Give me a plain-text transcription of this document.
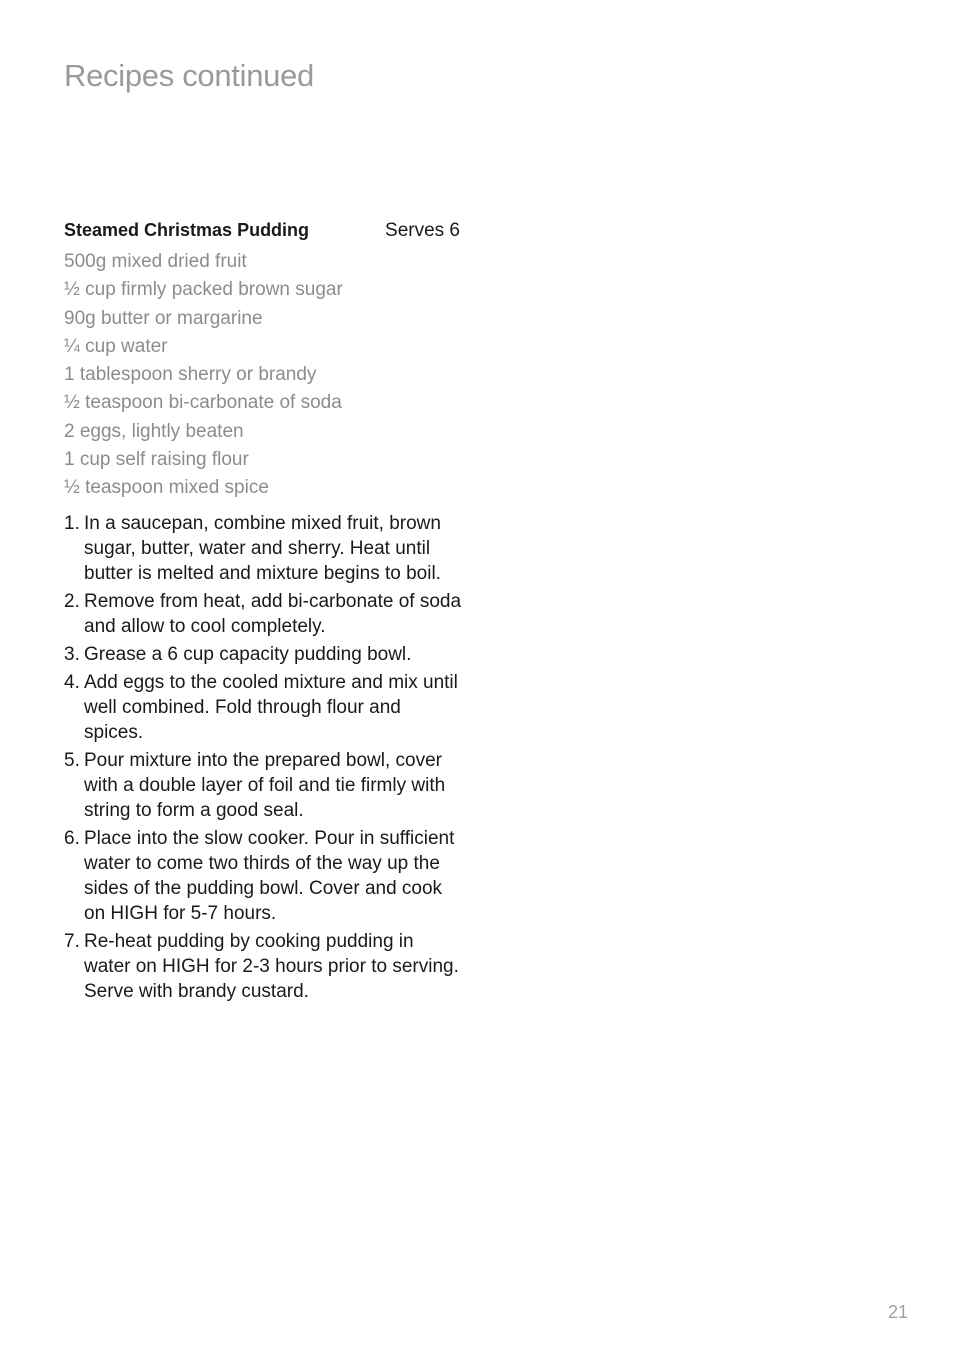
Recipes continued
Steamed Christmas Pudding	Serves 6
500g mixed dried fruit
½ cup firmly packed brown sugar
90g butter or margarine
¼ cup water
1 tablespoon sherry or brandy
½ teaspoon bi-carbonate of soda
2 eggs, lightly beaten
1 cup self raising flour
½ teaspoon mixed spice
1. In a saucepan, combine mixed fruit, brown sugar, butter, water and sherry. Heat until butter is melted and mixture begins to boil.
2. Remove from heat, add bi-carbonate of soda and allow to cool completely.
3. Grease a 6 cup capacity pudding bowl.
4. Add eggs to the cooled mixture and mix until well combined. Fold through flour and spices.
5. Pour mixture into the prepared bowl, cover with a double layer of foil and tie firmly with string to form a good seal.
6. Place into the slow cooker. Pour in sufficient water to come two thirds of the way up the sides of the pudding bowl. Cover and cook on HIGH for 5-7 hours.
7. Re-heat pudding by cooking pudding in water on HIGH for 2-3 hours prior to serving. Serve with brandy custard.
21
